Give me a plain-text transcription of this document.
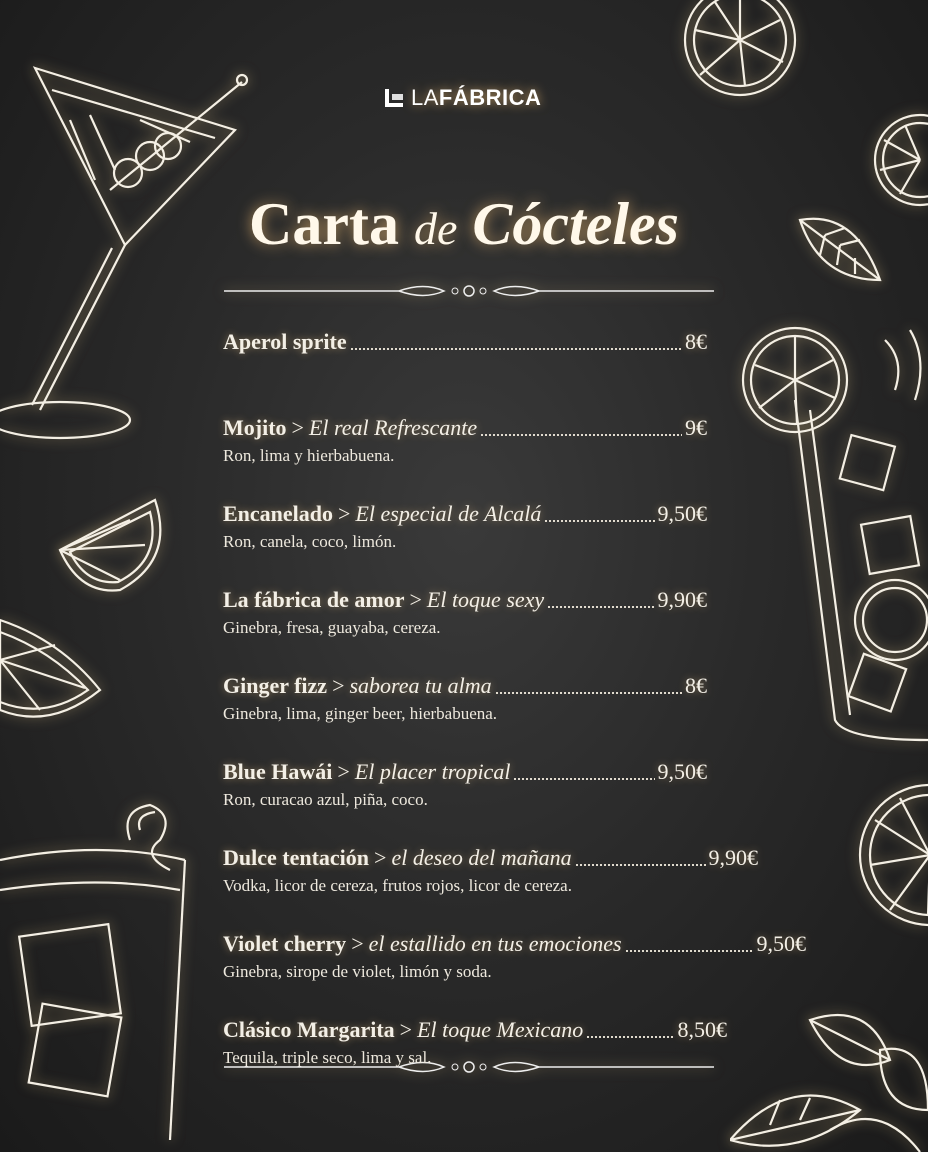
LAFÁBRICA
Carta de Cócteles
Aperol sprite	8€
Mojito > El real Refrescante	9€
Ron, lima y hierbabuena.
Encanelado > El especial de Alcalá	9,50€
Ron, canela, coco, limón.
La fábrica de amor > El toque sexy	9,90€
Ginebra, fresa, guayaba, cereza.
Ginger fizz > saborea tu alma	8€
Ginebra, lima, ginger beer, hierbabuena.
Blue Hawái > El placer tropical	9,50€
Ron, curacao azul, piña, coco.
Dulce tentación > el deseo del mañana	9,90€
Vodka, licor de cereza, frutos rojos, licor de cereza.
Violet cherry > el estallido en tus emociones	9,50€
Ginebra, sirope de violet, limón y soda.
Clásico Margarita > El toque Mexicano	8,50€
Tequila, triple seco, lima y sal.
